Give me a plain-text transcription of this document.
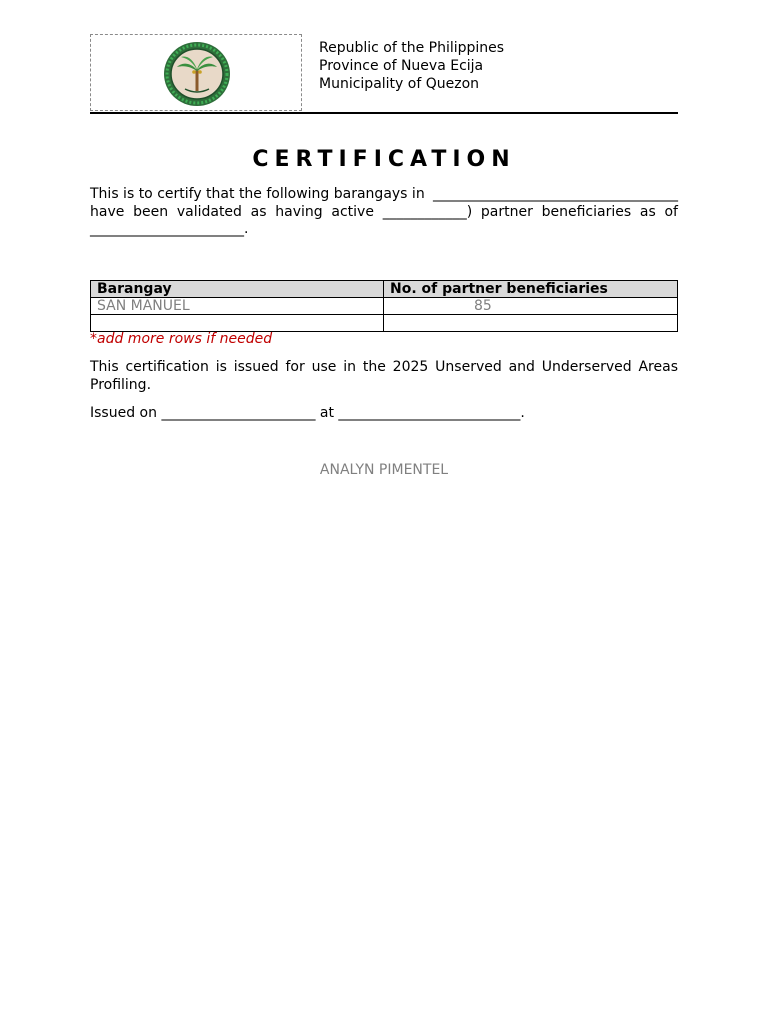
Republic of the Philippines
Province of Nueva Ecija
Municipality of Quezon
CERTIFICATION
This is to certify that the following barangays in ___________________________________
have been validated as having active ____________) partner beneficiaries as of
______________________.
Barangay	No. of partner beneficiaries
SAN MANUEL	85

*add more rows if needed
This certification is issued for use in the 2025 Unserved and Underserved Areas Profiling.
Issued on ______________________ at __________________________.
ANALYN PIMENTEL
